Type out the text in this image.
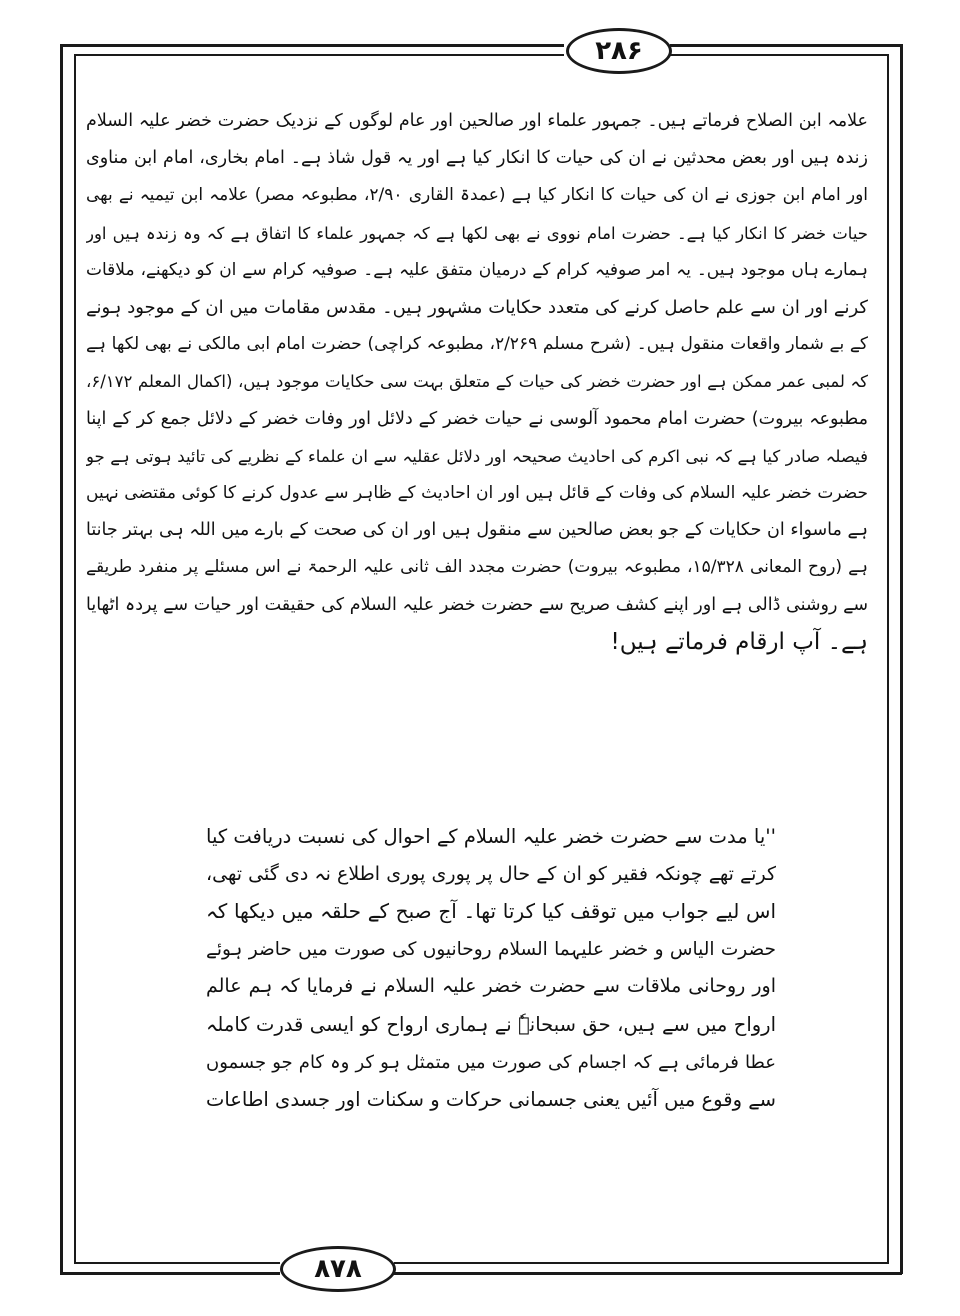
۲۸۶
۸۷۸
علامہ ابن الصلاح فرماتے ہیں۔ جمہور علماء اور صالحین اور عام لوگوں کے نزدیک حضرت خضر علیہ السلام
زندہ ہیں اور بعض محدثین نے ان کی حیات کا انکار کیا ہے اور یہ قول شاذ ہے۔ امام بخاری، امام ابن مناوی
اور امام ابن جوزی نے ان کی حیات کا انکار کیا ہے (عمدۃ القاری ۲/۹۰، مطبوعہ مصر) علامہ ابن تیمیہ نے بھی
حیات خضر کا انکار کیا ہے۔ حضرت امام نووی نے بھی لکھا ہے کہ جمہور علماء کا اتفاق ہے کہ وہ زندہ ہیں اور
ہمارے ہاں موجود ہیں۔ یہ امر صوفیہ کرام کے درمیان متفق علیہ ہے۔ صوفیہ کرام سے ان کو دیکھنے، ملاقات
کرنے اور ان سے علم حاصل کرنے کی متعدد حکایات مشہور ہیں۔ مقدس مقامات میں ان کے موجود ہونے
کے بے شمار واقعات منقول ہیں۔ (شرح مسلم ۲/۲۶۹، مطبوعہ کراچی) حضرت امام ابی مالکی نے بھی لکھا ہے
کہ لمبی عمر ممکن ہے اور حضرت خضر کی حیات کے متعلق بہت سی حکایات موجود ہیں، (اکمال المعلم ۶/۱۷۲،
مطبوعہ بیروت) حضرت امام محمود آلوسی نے حیات خضر کے دلائل اور وفات خضر کے دلائل جمع کر کے اپنا
فیصلہ صادر کیا ہے کہ نبی اکرم کی احادیث صحیحہ اور دلائل عقلیہ سے ان علماء کے نظریے کی تائید ہوتی ہے جو
حضرت خضر علیہ السلام کی وفات کے قائل ہیں اور ان احادیث کے ظاہر سے عدول کرنے کا کوئی مقتضی نہیں
ہے ماسواء ان حکایات کے جو بعض صالحین سے منقول ہیں اور ان کی صحت کے بارے میں اللہ ہی بہتر جانتا
ہے (روح المعانی ۱۵/۳۲۸، مطبوعہ بیروت) حضرت مجدد الف ثانی علیہ الرحمۃ نے اس مسئلے پر منفرد طریقے
سے روشنی ڈالی ہے اور اپنے کشف صریح سے حضرت خضر علیہ السلام کی حقیقت اور حیات سے پردہ اٹھایا
ہے۔ آپ ارقام فرماتے ہیں!
''یا مدت سے حضرت خضر علیہ السلام کے احوال کی نسبت دریافت کیا
کرتے تھے چونکہ فقیر کو ان کے حال پر پوری پوری اطلاع نہ دی گئی تھی،
اس لیے جواب میں توقف کیا کرتا تھا۔ آج صبح کے حلقہ میں دیکھا کہ
حضرت الیاس و خضر علیہما السلام روحانیوں کی صورت میں حاضر ہوئے
اور روحانی ملاقات سے حضرت خضر علیہ السلام نے فرمایا کہ ہم عالم
ارواح میں سے ہیں، حق سبحانہٗ نے ہماری ارواح کو ایسی قدرت کاملہ
عطا فرمائی ہے کہ اجسام کی صورت میں متمثل ہو کر وہ کام جو جسموں
سے وقوع میں آئیں یعنی جسمانی حرکات و سکنات اور جسدی اطاعات
